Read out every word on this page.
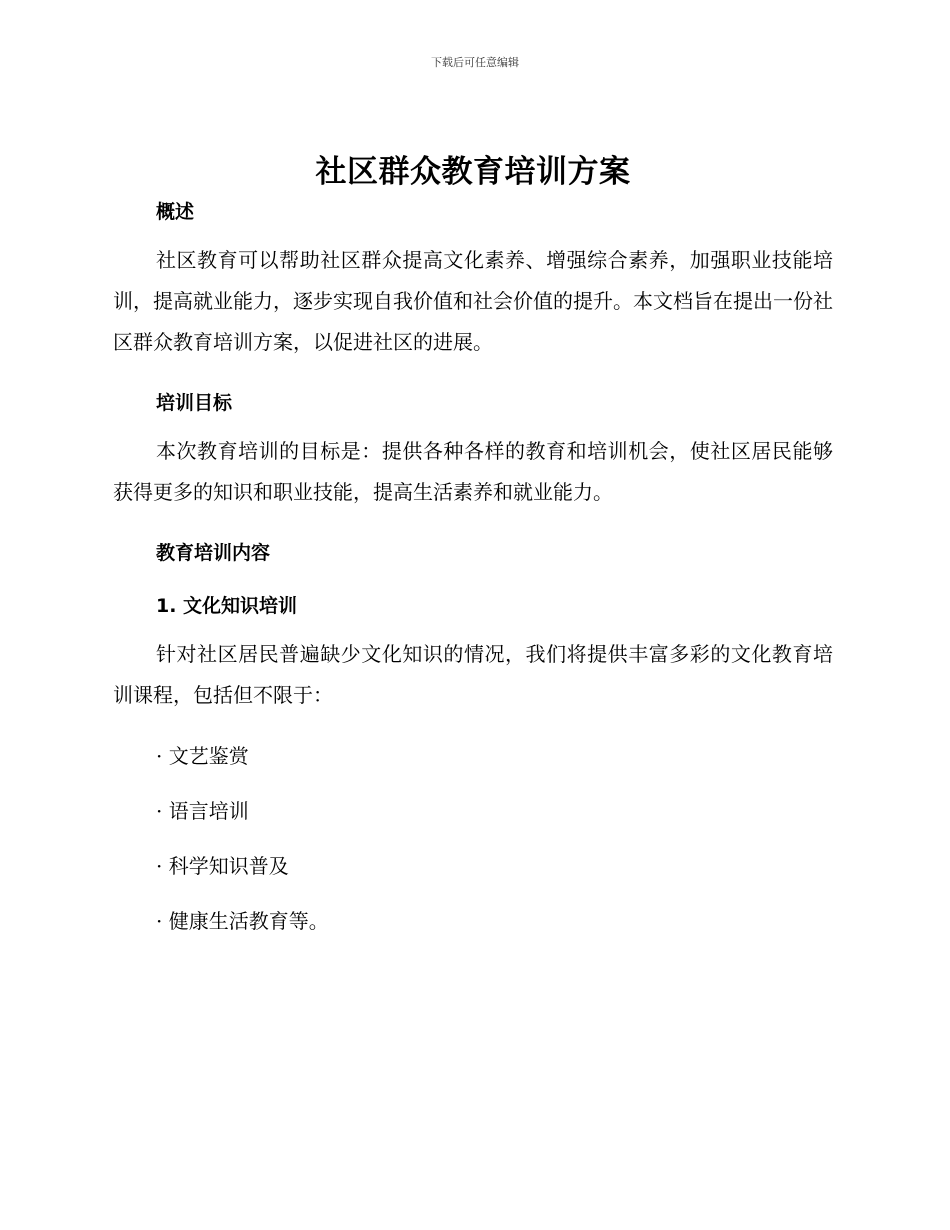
下载后可任意编辑
社区群众教育培训方案
概述

社区教育可以帮助社区群众提高文化素养、增强综合素养，加强职业技能培训，提高就业能力，逐步实现自我价值和社会价值的提升。本文档旨在提出一份社区群众教育培训方案，以促进社区的进展。

培训目标

本次教育培训的目标是：提供各种各样的教育和培训机会，使社区居民能够获得更多的知识和职业技能，提高生活素养和就业能力。

教育培训内容
1. 文化知识培训

针对社区居民普遍缺少文化知识的情况，我们将提供丰富多彩的文化教育培训课程，包括但不限于：

· 文艺鉴赏

· 语言培训

· 科学知识普及

· 健康生活教育等。
